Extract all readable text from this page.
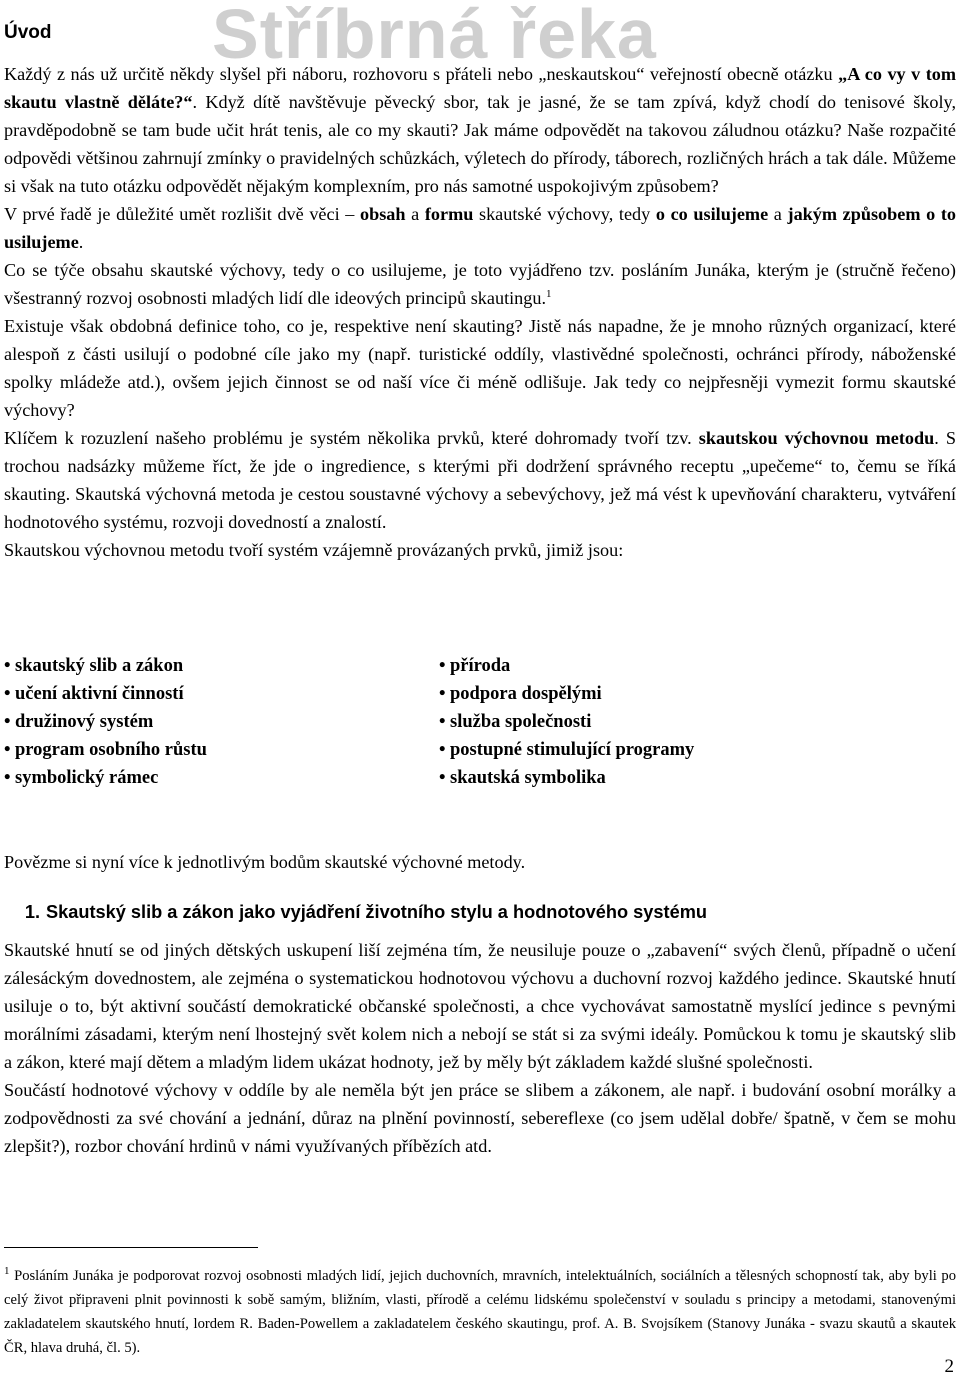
Stříbrná řeka
Úvod

Každý z nás už určitě někdy slyšel při náboru, rozhovoru s přáteli nebo „neskautskou“ veřejností obecně otázku „A co vy v tom skautu vlastně děláte?“. Když dítě navštěvuje pěvecký sbor, tak je jasné, že se tam zpívá, když chodí do tenisové školy, pravděpodobně se tam bude učit hrát tenis, ale co my skauti? Jak máme odpovědět na takovou záludnou otázku? Naše rozpačité odpovědi většinou zahrnují zmínky o pravidelných schůzkách, výletech do přírody, táborech, rozličných hrách a tak dále. Můžeme si však na tuto otázku odpovědět nějakým komplexním, pro nás samotné uspokojivým způsobem?

V prvé řadě je důležité umět rozlišit dvě věci – obsah a formu skautské výchovy, tedy o co usilujeme a jakým způsobem o to usilujeme.

Co se týče obsahu skautské výchovy, tedy o co usilujeme, je toto vyjádřeno tzv. posláním Junáka, kterým je (stručně řečeno) všestranný rozvoj osobnosti mladých lidí dle ideových principů skautingu.$^1$

Existuje však obdobná definice toho, co je, respektive není skauting? Jistě nás napadne, že je mnoho různých organizací, které alespoň z části usilují o podobné cíle jako my (např. turistické oddíly, vlastivědné společnosti, ochránci přírody, náboženské spolky mládeže atd.), ovšem jejich činnost se od naší více či méně odlišuje. Jak tedy co nejpřesněji vymezit formu skautské výchovy?

Klíčem k rozuzlení našeho problému je systém několika prvků, které dohromady tvoří tzv. skautskou výchovnou metodu. S trochou nadsázky můžeme říct, že jde o ingredience, s kterými při dodržení správného receptu „upečeme“ to, čemu se říká skauting. Skautská výchovná metoda je cestou soustavné výchovy a sebevýchovy, jež má vést k upevňování charakteru, vytváření hodnotového systému, rozvoji dovedností a znalostí.

Skautskou výchovnou metodu tvoří systém vzájemně provázaných prvků, jimiž jsou:

• skautský slib a zákon
• učení aktivní činností
• družinový systém
• program osobního růstu
• symbolický rámec
• příroda
• podpora dospělými
• služba společnosti
• postupné stimulující programy
• skautská symbolika
Povězme si nyní více k jednotlivým bodům skautské výchovné metody.
1. Skautský slib a zákon jako vyjádření životního stylu a hodnotového systému

Skautské hnutí se od jiných dětských uskupení liší zejména tím, že neusiluje pouze o „zabavení“ svých členů, případně o učení zálesáckým dovednostem, ale zejména o systematickou hodnotovou výchovu a duchovní rozvoj každého jedince. Skautské hnutí usiluje o to, být aktivní součástí demokratické občanské společnosti, a chce vychovávat samostatně myslící jedince s pevnými morálními zásadami, kterým není lhostejný svět kolem nich a nebojí se stát si za svými ideály. Pomůckou k tomu je skautský slib a zákon, které mají dětem a mladým lidem ukázat hodnoty, jež by měly být základem každé slušné společnosti.

Součástí hodnotové výchovy v oddíle by ale neměla být jen práce se slibem a zákonem, ale např. i budování osobní morálky a zodpovědnosti za své chování a jednání, důraz na plnění povinností, sebereflexe (co jsem udělal dobře/ špatně, v čem se mohu zlepšit?), rozbor chování hrdinů v námi využívaných příbězích atd.

$^1$ Posláním Junáka je podporovat rozvoj osobnosti mladých lidí, jejich duchovních, mravních, intelektuálních, sociálních a tělesných schopností tak, aby byli po celý život připraveni plnit povinnosti k sobě samým, bližním, vlasti, přírodě a celému lidskému společenství v souladu s principy a metodami, stanovenými zakladatelem skautského hnutí, lordem R. Baden-Powellem a zakladatelem českého skautingu, prof. A. B. Svojsíkem (Stanovy Junáka - svazu skautů a skautek ČR, hlava druhá, čl. 5).
2
